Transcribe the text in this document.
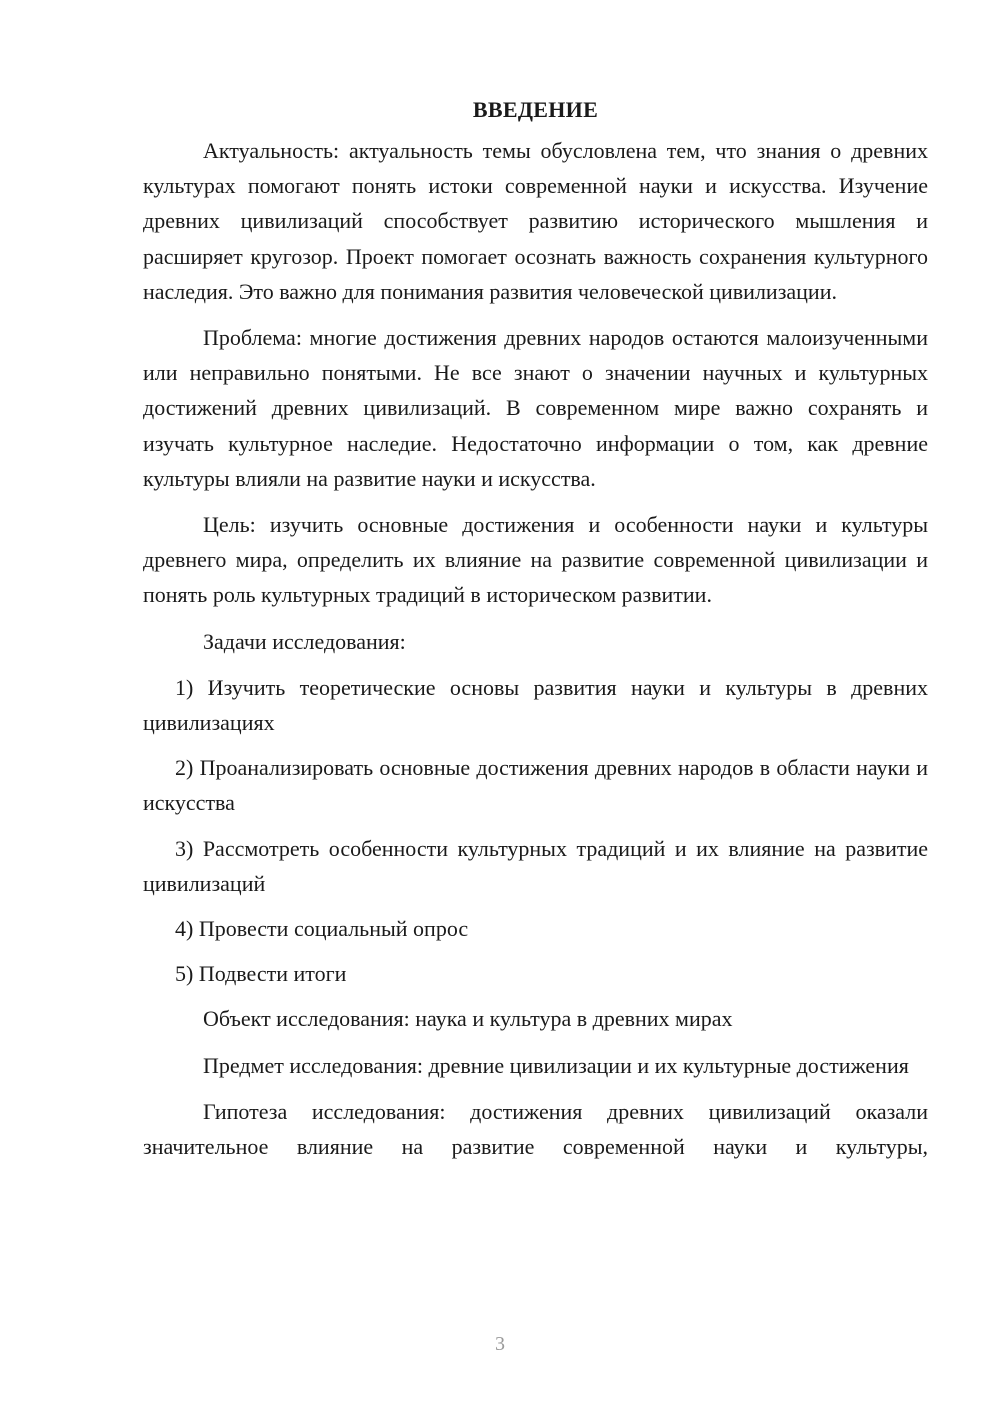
ВВЕДЕНИЕ

Актуальность: актуальность темы обусловлена тем, что знания о древних культурах помогают понять истоки современной науки и искусства. Изучение древних цивилизаций способствует развитию исторического мышления и расширяет кругозор. Проект помогает осознать важность сохранения культурного наследия. Это важно для понимания развития человеческой цивилизации.

Проблема: многие достижения древних народов остаются малоизученными или неправильно понятыми. Не все знают о значении научных и культурных достижений древних цивилизаций. В современном мире важно сохранять и изучать культурное наследие. Недостаточно информации о том, как древние культуры влияли на развитие науки и искусства.

Цель: изучить основные достижения и особенности науки и культуры древнего мира, определить их влияние на развитие современной цивилизации и понять роль культурных традиций в историческом развитии.

Задачи исследования:

1) Изучить теоретические основы развития науки и культуры в древних цивилизациях

2) Проанализировать основные достижения древних народов в области науки и искусства

3) Рассмотреть особенности культурных традиций и их влияние на развитие цивилизаций

4) Провести социальный опрос

5) Подвести итоги

Объект исследования: наука и культура в древних мирах

Предмет исследования: древние цивилизации и их культурные достижения

Гипотеза исследования: достижения древних цивилизаций оказали значительное влияние на развитие современной науки и культуры,

3
